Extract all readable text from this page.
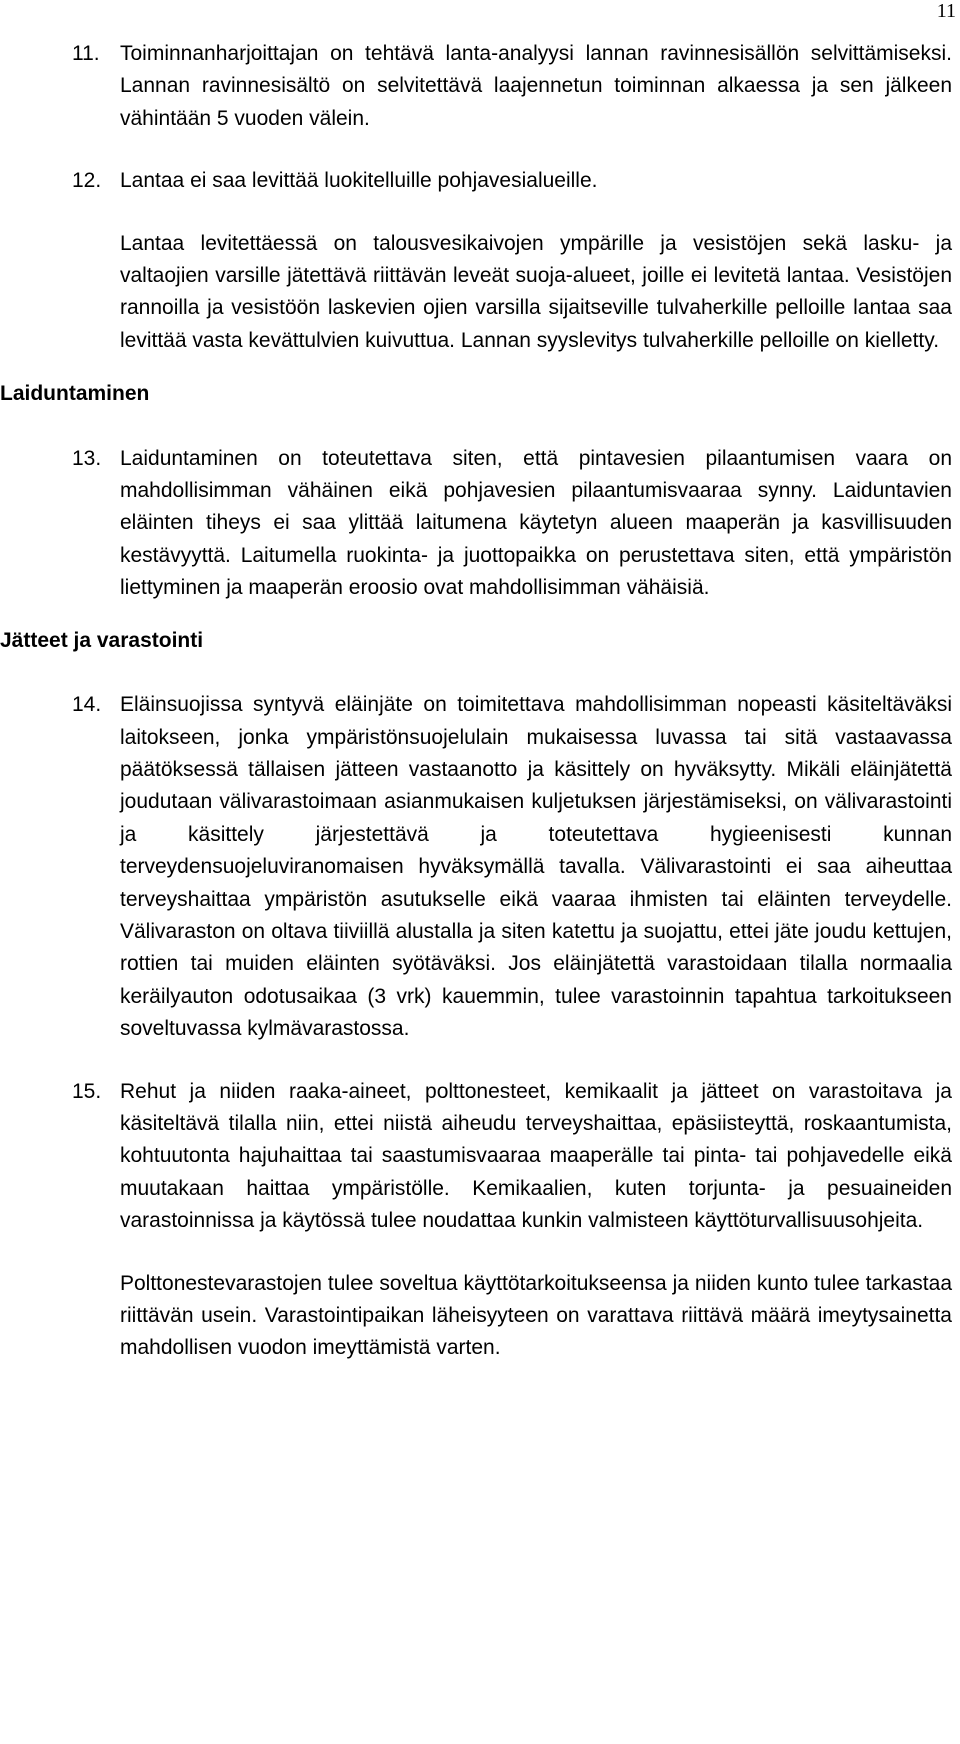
11
11. Toiminnanharjoittajan on tehtävä lanta-analyysi lannan ravinnesisällön selvittämiseksi. Lannan ravinnesisältö on selvitettävä laajennetun toiminnan alkaessa ja sen jälkeen vähintään 5 vuoden välein.
12. Lantaa ei saa levittää luokitelluille pohjavesialueille.
Lantaa levitettäessä on talousvesikaivojen ympärille ja vesistöjen sekä lasku- ja valtaojien varsille jätettävä riittävän leveät suoja-alueet, joille ei levitetä lantaa. Vesistöjen rannoilla ja vesistöön laskevien ojien varsilla sijaitseville tulvaherkille pelloille lantaa saa levittää vasta kevättulvien kuivuttua. Lannan syyslevitys tulvaherkille pelloille on kielletty.
Laiduntaminen
13. Laiduntaminen on toteutettava siten, että pintavesien pilaantumisen vaara on mahdollisimman vähäinen eikä pohjavesien pilaantumisvaaraa synny. Laiduntavien eläinten tiheys ei saa ylittää laitumena käytetyn alueen maaperän ja kasvillisuuden kestävyyttä. Laitumella ruokinta- ja juottopaikka on perustettava siten, että ympäristön liettyminen ja maaperän eroosio ovat mahdollisimman vähäisiä.
Jätteet ja varastointi
14. Eläinsuojissa syntyvä eläinjäte on toimitettava mahdollisimman nopeasti käsiteltäväksi laitokseen, jonka ympäristönsuojelulain mukaisessa luvassa tai sitä vastaavassa päätöksessä tällaisen jätteen vastaanotto ja käsittely on hyväksytty. Mikäli eläinjätettä joudutaan välivarastoimaan asianmukaisen kuljetuksen järjestämiseksi, on välivarastointi ja käsittely järjestettävä ja toteutettava hygieenisesti kunnan terveydensuojeluviranomaisen hyväksymällä tavalla. Välivarastointi ei saa aiheuttaa terveyshaittaa ympäristön asutukselle eikä vaaraa ihmisten tai eläinten terveydelle. Välivaraston on oltava tiiviillä alustalla ja siten katettu ja suojattu, ettei jäte joudu kettujen, rottien tai muiden eläinten syötäväksi. Jos eläinjätettä varastoidaan tilalla normaalia keräilyauton odotusaikaa (3 vrk) kauemmin, tulee varastoinnin tapahtua tarkoitukseen soveltuvassa kylmävarastossa.
15. Rehut ja niiden raaka-aineet, polttonesteet, kemikaalit ja jätteet on varastoitava ja käsiteltävä tilalla niin, ettei niistä aiheudu terveyshaittaa, epäsiisteyttä, roskaantumista, kohtuutonta hajuhaittaa tai saastumisvaaraa maaperälle tai pinta- tai pohjavedelle eikä muutakaan haittaa ympäristölle. Kemikaalien, kuten torjunta- ja pesuaineiden varastoinnissa ja käytössä tulee noudattaa kunkin valmisteen käyttöturvallisuusohjeita.
Polttonestevarastojen tulee soveltua käyttötarkoitukseensa ja niiden kunto tulee tarkastaa riittävän usein. Varastointipaikan läheisyyteen on varattava riittävä määrä imeytysainetta mahdollisen vuodon imeyttämistä varten.
